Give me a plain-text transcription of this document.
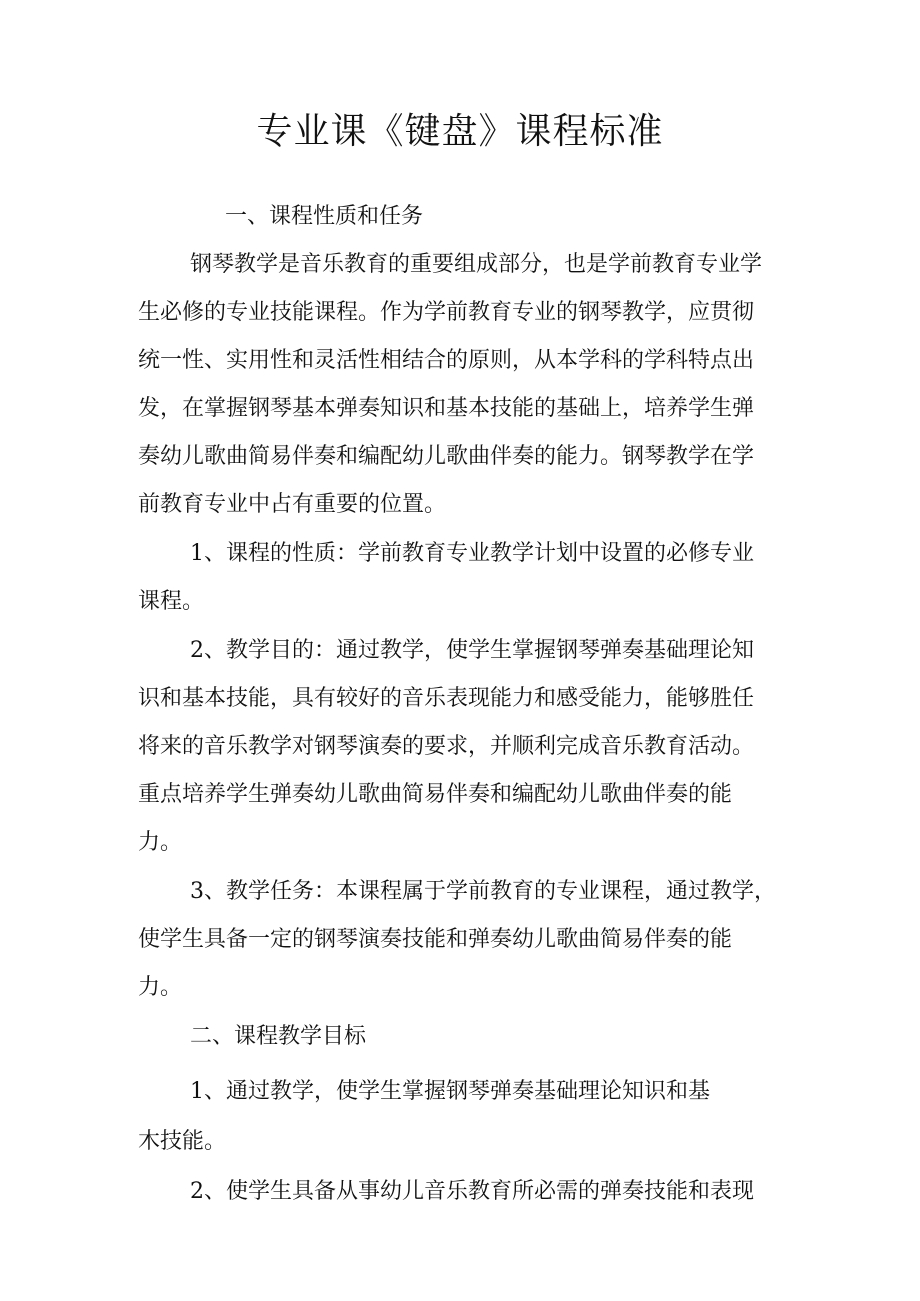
专业课《键盘》课程标准
一、课程性质和任务
钢琴教学是音乐教育的重要组成部分，也是学前教育专业学
生必修的专业技能课程。作为学前教育专业的钢琴教学，应贯彻
统一性、实用性和灵活性相结合的原则，从本学科的学科特点出
发，在掌握钢琴基本弹奏知识和基本技能的基础上，培养学生弹
奏幼儿歌曲简易伴奏和编配幼儿歌曲伴奏的能力。钢琴教学在学
前教育专业中占有重要的位置。
1、课程的性质：学前教育专业教学计划中设置的必修专业
课程。
2、教学目的：通过教学，使学生掌握钢琴弹奏基础理论知
识和基本技能，具有较好的音乐表现能力和感受能力，能够胜任
将来的音乐教学对钢琴演奏的要求，并顺利完成音乐教育活动。
重点培养学生弹奏幼儿歌曲简易伴奏和编配幼儿歌曲伴奏的能
力。
3、教学任务：本课程属于学前教育的专业课程，通过教学，
使学生具备一定的钢琴演奏技能和弹奏幼儿歌曲简易伴奏的能
力。
二、课程教学目标
1、通过教学，使学生掌握钢琴弹奏基础理论知识和基
木技能。
2、使学生具备从事幼儿音乐教育所必需的弹奏技能和表现
